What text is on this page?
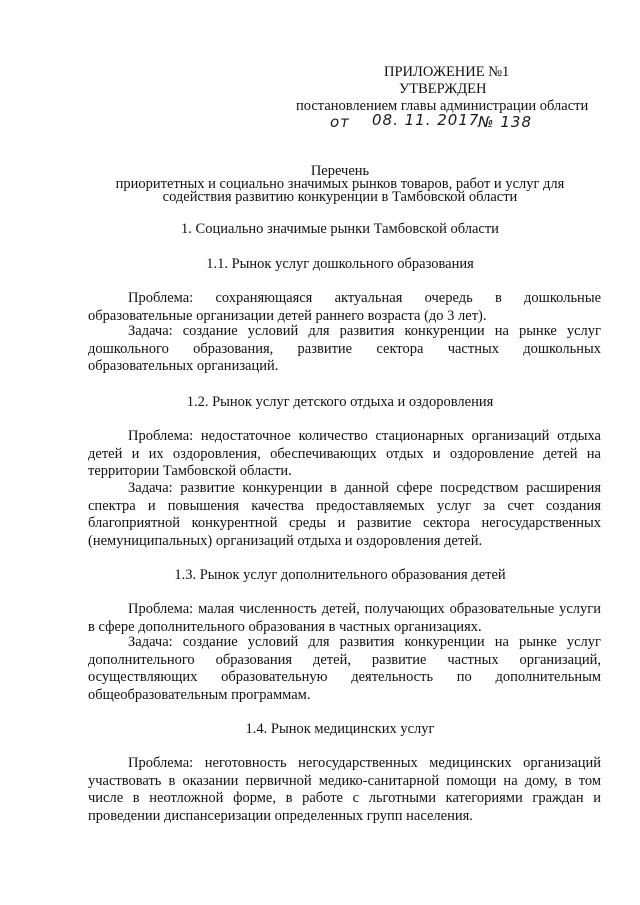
ПРИЛОЖЕНИЕ №1
УТВЕРЖДЕН
постановлением главы администрации области
от 08. 11. 2017
№ 138
Перечень
приоритетных и социально значимых рынков товаров, работ и услуг для
содействия развитию конкуренции в Тамбовской области
1. Социально значимые рынки Тамбовской области
1.1. Рынок услуг дошкольного образования

Проблема: сохраняющаяся актуальная очередь в дошкольные образовательные организации детей раннего возраста (до 3 лет).

Задача: создание условий для развития конкуренции на рынке услуг дошкольного образования, развитие сектора частных дошкольных образовательных организаций.

1.2. Рынок услуг детского отдыха и оздоровления

Проблема: недостаточное количество стационарных организаций отдыха детей и их оздоровления, обеспечивающих отдых и оздоровление детей на территории Тамбовской области.

Задача: развитие конкуренции в данной сфере посредством расширения спектра и повышения качества предоставляемых услуг за счет создания благоприятной конкурентной среды и развитие сектора негосударственных (немуниципальных) организаций отдыха и оздоровления детей.

1.3. Рынок услуг дополнительного образования детей

Проблема: малая численность детей, получающих образовательные услуги в сфере дополнительного образования в частных организациях.

Задача: создание условий для развития конкуренции на рынке услуг дополнительного образования детей, развитие частных организаций, осуществляющих образовательную деятельность по дополнительным общеобразовательным программам.

1.4. Рынок медицинских услуг

Проблема: неготовность негосударственных медицинских организаций участвовать в оказании первичной медико-санитарной помощи на дому, в том числе в неотложной форме, в работе с льготными категориями граждан и проведении диспансеризации определенных групп населения.
